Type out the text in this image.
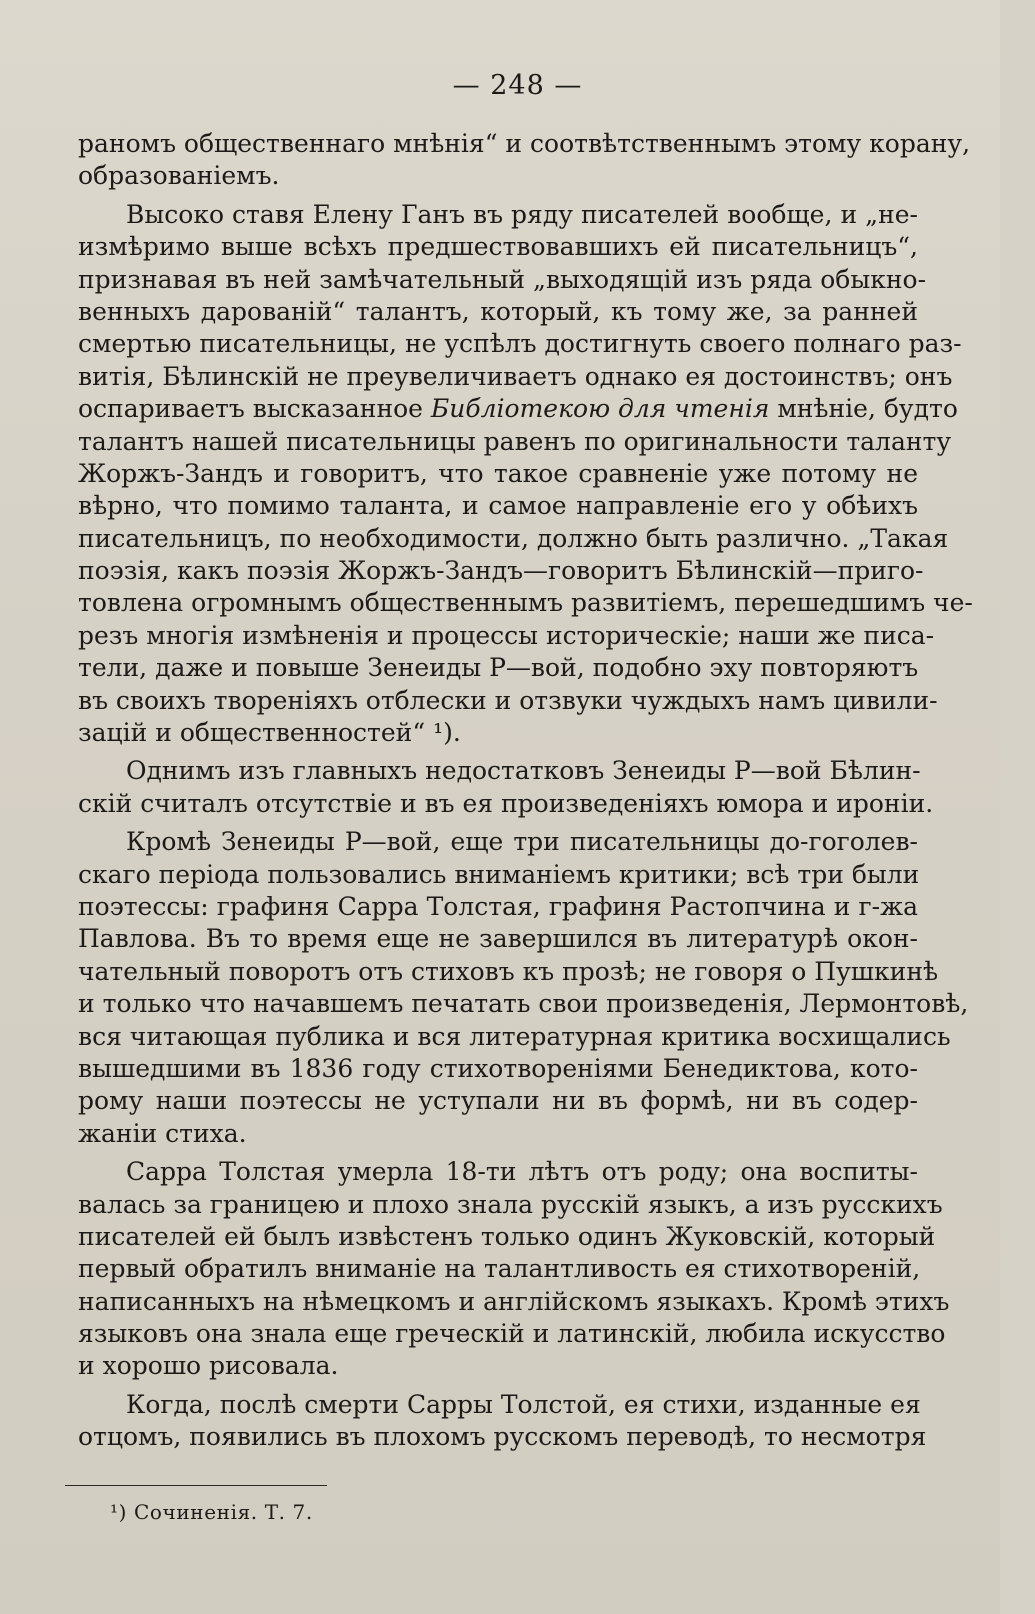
— 248 —
раномъ общественнаго мнѣнія“ и соотвѣтственнымъ этому корану,
образованіемъ.
Высоко ставя Елену Ганъ въ ряду писателей вообще, и „не-
измѣримо выше всѣхъ предшествовавшихъ ей писательницъ“,
признавая въ ней замѣчательный „выходящій изъ ряда обыкно-
венныхъ дарованій“ талантъ, который, къ тому же, за ранней
смертью писательницы, не успѣлъ достигнуть своего полнаго раз-
витія, Бѣлинскій не преувеличиваетъ однако ея достоинствъ; онъ
оспариваетъ высказанное Библіотекою для чтенія мнѣніе, будто
талантъ нашей писательницы равенъ по оригинальности таланту
Жоржъ-Зандъ и говоритъ, что такое сравненіе уже потому не
вѣрно, что помимо таланта, и самое направленіе его у обѣихъ
писательницъ, по необходимости, должно быть различно. „Такая
поэзія, какъ поэзія Жоржъ-Зандъ—говоритъ Бѣлинскій—приго-
товлена огромнымъ общественнымъ развитіемъ, перешедшимъ че-
резъ многія измѣненія и процессы историческіе; наши же писа-
тели, даже и повыше Зенеиды Р—вой, подобно эху повторяютъ
въ своихъ твореніяхъ отблески и отзвуки чуждыхъ намъ цивили-
зацій и общественностей“ ¹).
Однимъ изъ главныхъ недостатковъ Зенеиды Р—вой Бѣлин-
скій считалъ отсутствіе и въ ея произведеніяхъ юмора и ироніи.
Кромѣ Зенеиды Р—вой, еще три писательницы до-гоголев-
скаго періода пользовались вниманіемъ критики; всѣ три были
поэтессы: графиня Сарра Толстая, графиня Растопчина и г-жа
Павлова. Въ то время еще не завершился въ литературѣ окон-
чательный поворотъ отъ стиховъ къ прозѣ; не говоря о Пушкинѣ
и только что начавшемъ печатать свои произведенія, Лермонтовѣ,
вся читающая публика и вся литературная критика восхищались
вышедшими въ 1836 году стихотвореніями Бенедиктова, кото-
рому наши поэтессы не уступали ни въ формѣ, ни въ содер-
жаніи стиха.
Сарра Толстая умерла 18-ти лѣтъ отъ роду; она воспиты-
валась за границею и плохо знала русскій языкъ, а изъ русскихъ
писателей ей былъ извѣстенъ только одинъ Жуковскій, который
первый обратилъ вниманіе на талантливость ея стихотвореній,
написанныхъ на нѣмецкомъ и англійскомъ языкахъ. Кромѣ этихъ
языковъ она знала еще греческій и латинскій, любила искусство
и хорошо рисовала.
Когда, послѣ смерти Сарры Толстой, ея стихи, изданные ея
отцомъ, появились въ плохомъ русскомъ переводѣ, то несмотря
¹) Сочиненія. Т. 7.
